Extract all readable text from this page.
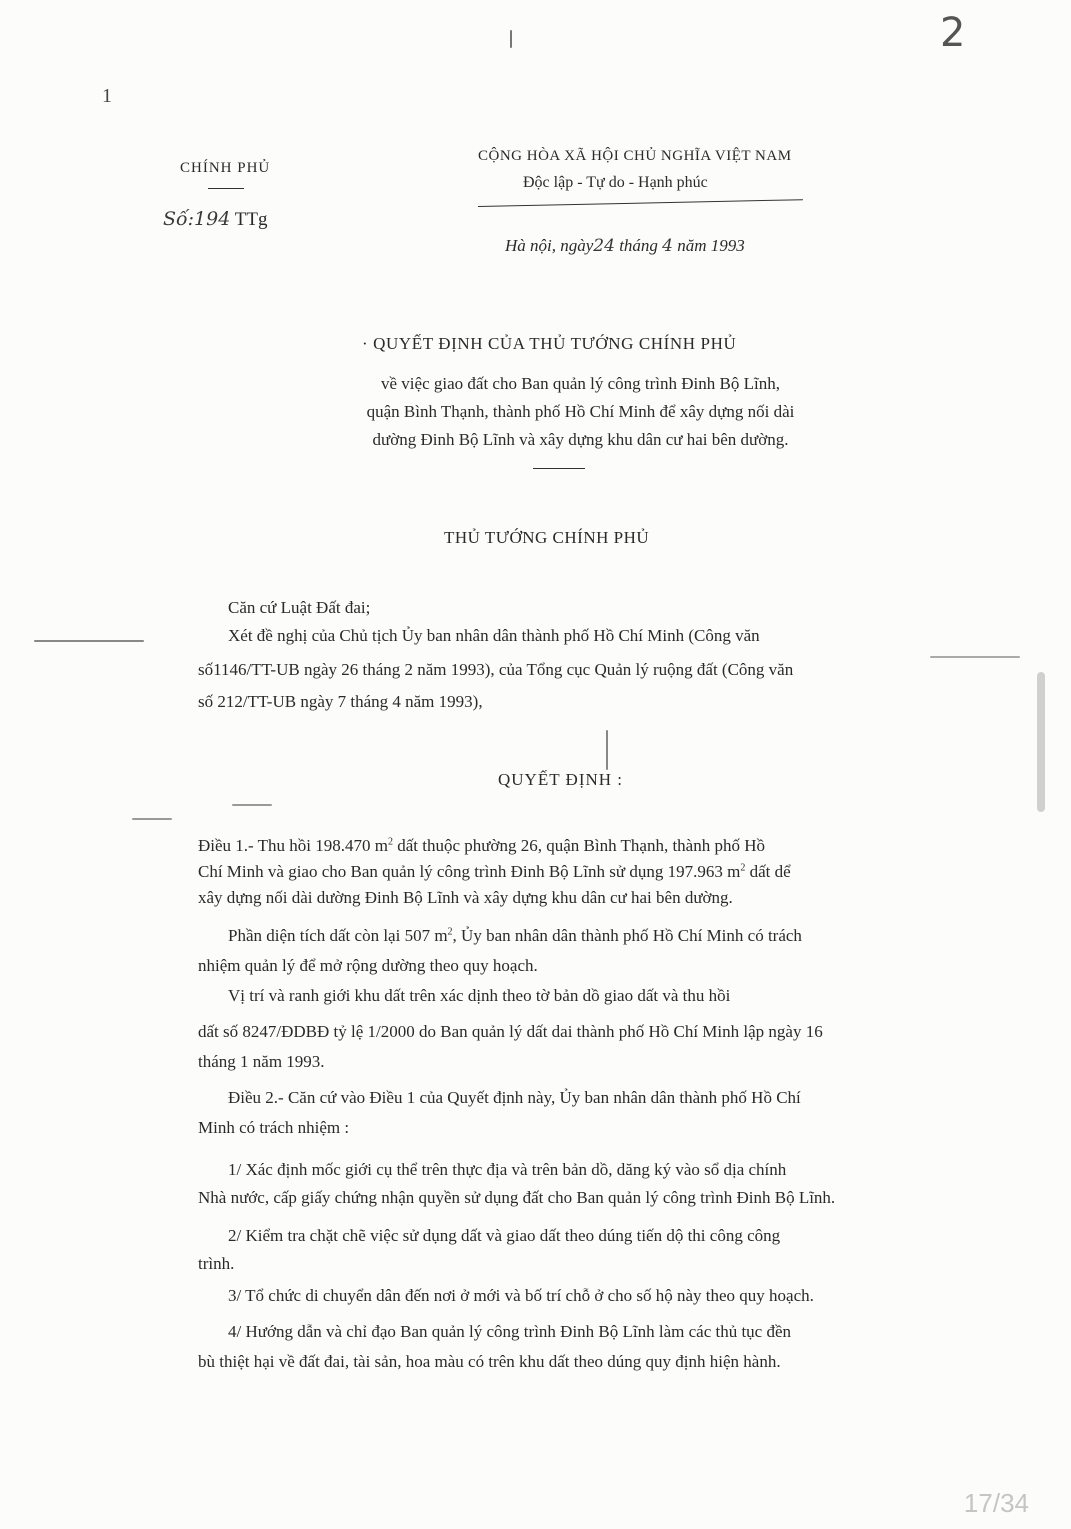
2
1
CHÍNH PHỦ
Số:194 TTg
CỘNG HÒA XÃ HỘI CHỦ NGHĨA VIỆT NAM
Độc lập - Tự do - Hạnh phúc
Hà nội, ngày24 tháng 4 năm 1993
· QUYẾT ĐỊNH CỦA THỦ TƯỚNG CHÍNH PHỦ
về việc giao đất cho Ban quản lý công trình Đinh Bộ Lĩnh,
quận Bình Thạnh, thành phố Hồ Chí Minh để xây dựng nối dài
dường Đinh Bộ Lĩnh và xây dựng khu dân cư hai bên dường.
THỦ TƯỚNG CHÍNH PHỦ
Căn cứ Luật Đất đai;
Xét đề nghị của Chủ tịch Ủy ban nhân dân thành phố Hồ Chí Minh (Công văn
số1146/TT-UB ngày 26 tháng 2 năm 1993), của Tổng cục Quản lý ruộng đất (Công văn
số 212/TT-UB ngày 7 tháng 4 năm 1993),
QUYẾT ĐỊNH :
Điều 1.- Thu hồi 198.470 $m^2$ dất thuộc phường 26, quận Bình Thạnh, thành phố Hồ
Chí Minh và giao cho Ban quản lý công trình Đinh Bộ Lĩnh sử dụng 197.963 $m^2$ dất dể
xây dựng nối dài dường Đinh Bộ Lĩnh và xây dựng khu dân cư hai bên dường.
Phần diện tích dất còn lại 507 $m^2$, Ủy ban nhân dân thành phố Hồ Chí Minh có trách
nhiệm quản lý để mở rộng dường theo quy hoạch.
Vị trí và ranh giới khu dất trên xác dịnh theo tờ bản dồ giao dất và thu hồi
dất số 8247/ĐDBĐ tỷ lệ 1/2000 do Ban quản lý dất dai thành phố Hồ Chí Minh lập ngày 16
tháng 1 năm 1993.
Điều 2.- Căn cứ vào Điều 1 của Quyết định này, Ủy ban nhân dân thành phố Hồ Chí
Minh có trách nhiệm :
1/ Xác định mốc giới cụ thể trên thực địa và trên bản dồ, dăng ký vào sổ dịa chính
Nhà nước, cấp giấy chứng nhận quyền sử dụng đất cho Ban quản lý công trình Đinh Bộ Lĩnh.
2/ Kiểm tra chặt chẽ việc sử dụng dất và giao dất theo dúng tiến dộ thi công công
trình.
3/ Tổ chức di chuyển dân đến nơi ở mới và bố trí chỗ ở cho số hộ này theo quy hoạch.
4/ Hướng dẫn và chỉ đạo Ban quản lý công trình Đinh Bộ Lĩnh làm các thủ tục đền
bù thiệt hại về đất đai, tài sản, hoa màu có trên khu dất theo dúng quy định hiện hành.
17/34
